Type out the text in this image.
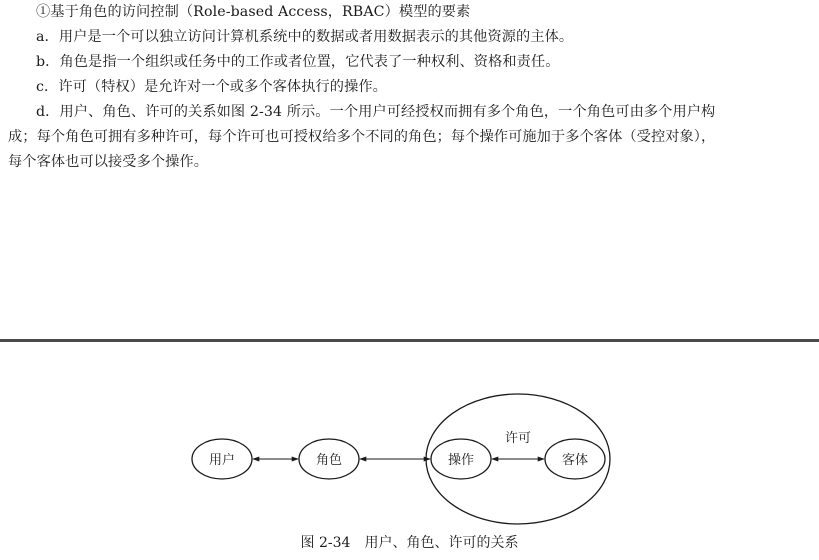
①基于角色的访问控制（Role-based Access，RBAC）模型的要素
a．用户是一个可以独立访问计算机系统中的数据或者用数据表示的其他资源的主体。
b．角色是指一个组织或任务中的工作或者位置，它代表了一种权利、资格和责任。
c．许可（特权）是允许对一个或多个客体执行的操作。
d．用户、角色、许可的关系如图 2-34 所示。一个用户可经授权而拥有多个角色，一个角色可由多个用户构
成；每个角色可拥有多种许可，每个许可也可授权给多个不同的角色；每个操作可施加于多个客体（受控对象），
每个客体也可以接受多个操作。
用户	角色	操作	客体
许可
图 2-34　用户、角色、许可的关系
